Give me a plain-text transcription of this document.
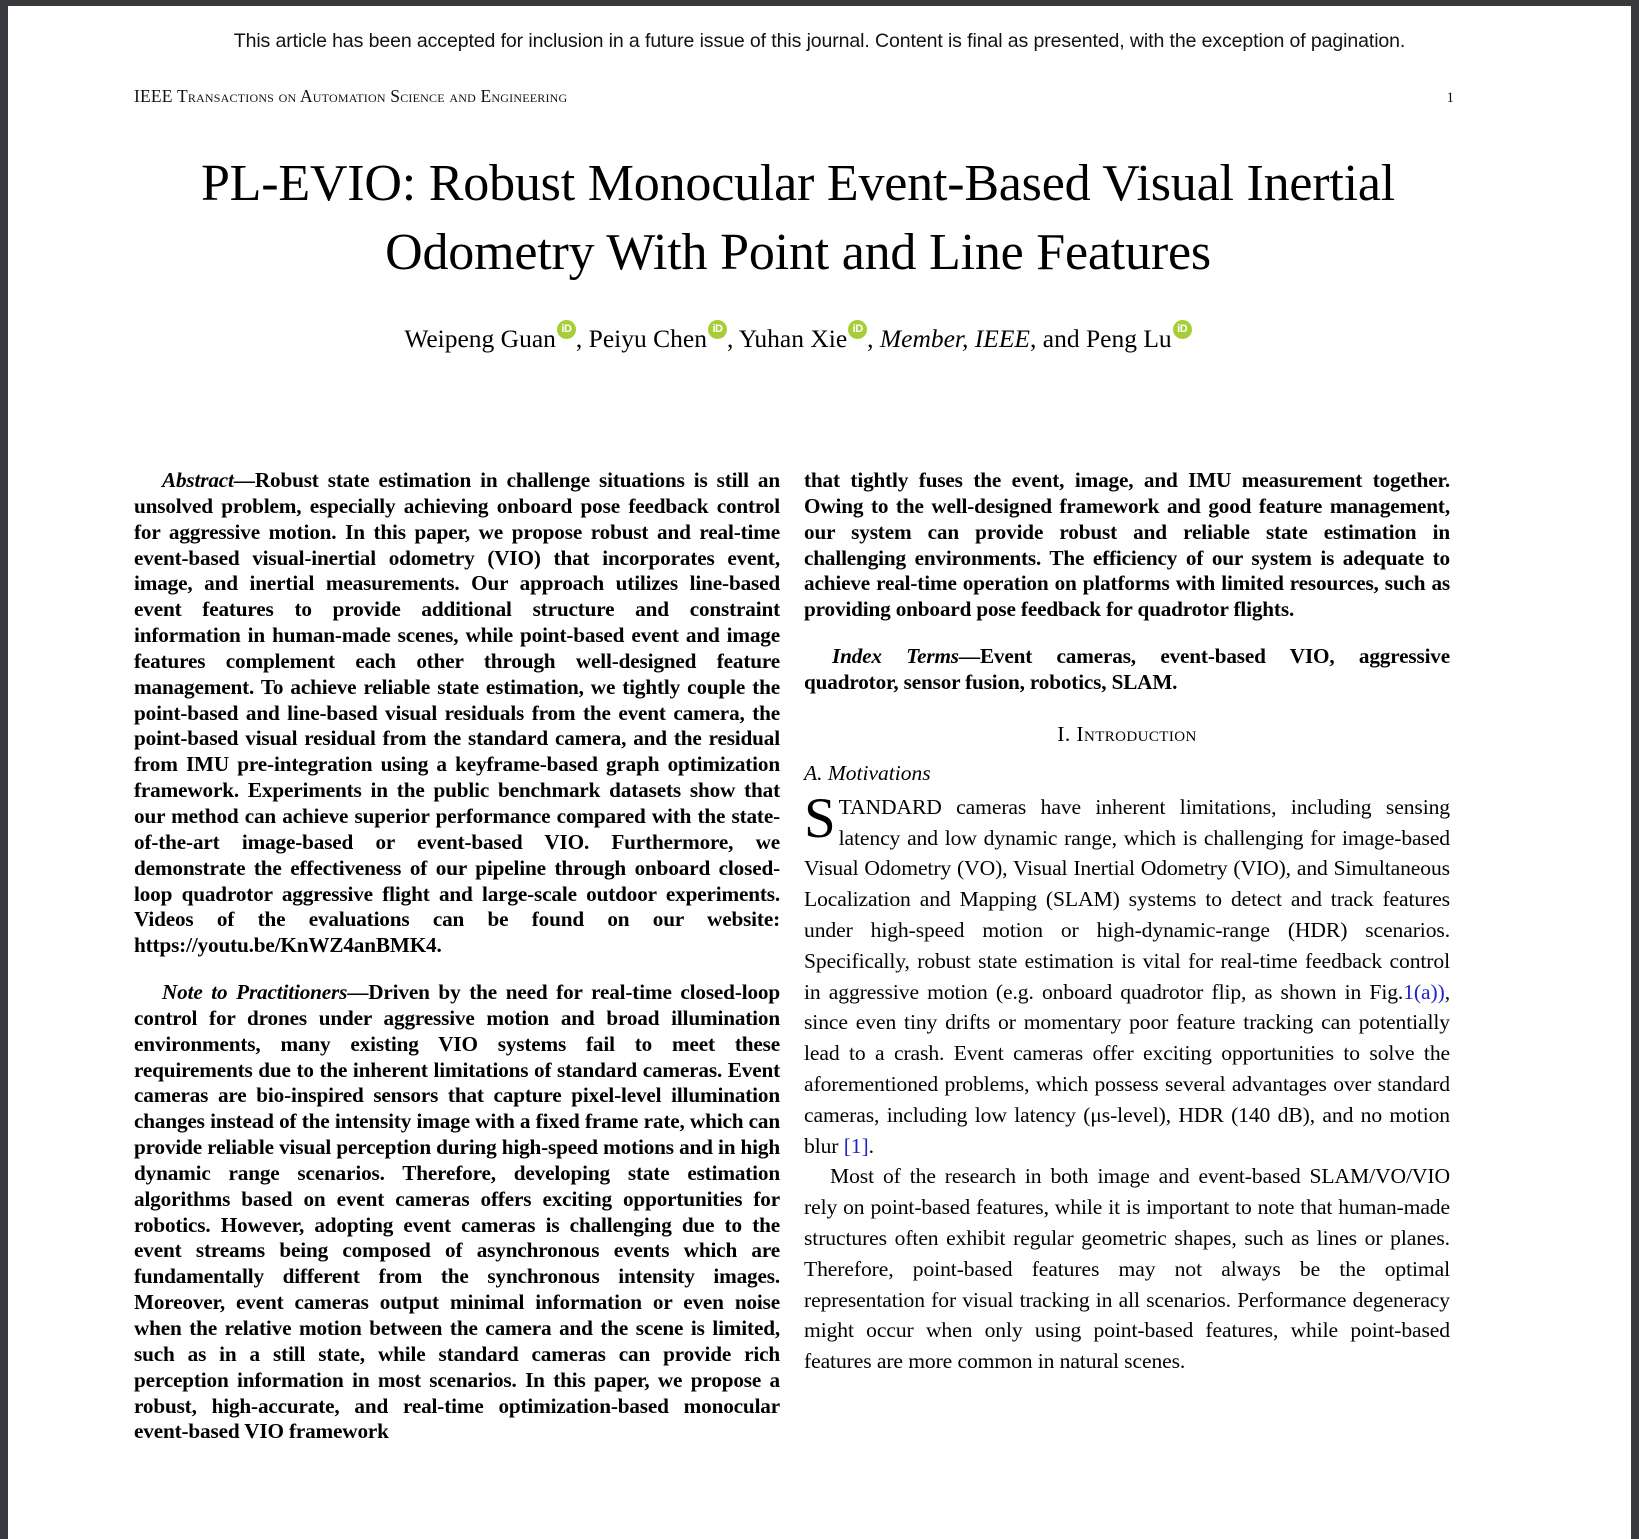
This article has been accepted for inclusion in a future issue of this journal. Content is final as presented, with the exception of pagination.
IEEE Transactions on Automation Science and Engineering	1
PL-EVIO: Robust Monocular Event-Based Visual Inertial Odometry With Point and Line Features
Weipeng Guan iD , Peiyu Chen iD , Yuhan Xie iD , Member, IEEE, and Peng LuiD

Abstract—Robust state estimation in challenge situations is still an unsolved problem, especially achieving onboard pose feedback control for aggressive motion. In this paper, we propose robust and real-time event-based visual-inertial odometry (VIO) that incorporates event, image, and inertial measurements. Our approach utilizes line-based event features to provide additional structure and constraint information in human-made scenes, while point-based event and image features complement each other through well-designed feature management. To achieve reliable state estimation, we tightly couple the point-based and line-based visual residuals from the event camera, the point-based visual residual from the standard camera, and the residual from IMU pre-integration using a keyframe-based graph optimization framework. Experiments in the public benchmark datasets show that our method can achieve superior performance compared with the state-of-the-art image-based or event-based VIO. Furthermore, we demonstrate the effectiveness of our pipeline through onboard closed-loop quadrotor aggressive flight and large-scale outdoor experiments. Videos of the evaluations can be found on our website: https://youtu.be/KnWZ4anBMK4.

Note to Practitioners—Driven by the need for real-time closed-loop control for drones under aggressive motion and broad illumination environments, many existing VIO systems fail to meet these requirements due to the inherent limitations of standard cameras. Event cameras are bio-inspired sensors that capture pixel-level illumination changes instead of the intensity image with a fixed frame rate, which can provide reliable visual perception during high-speed motions and in high dynamic range scenarios. Therefore, developing state estimation algorithms based on event cameras offers exciting opportunities for robotics. However, adopting event cameras is challenging due to the event streams being composed of asynchronous events which are fundamentally different from the synchronous intensity images. Moreover, event cameras output minimal information or even noise when the relative motion between the camera and the scene is limited, such as in a still state, while standard cameras can provide rich perception information in most scenarios. In this paper, we propose a robust, high-accurate, and real-time optimization-based monocular event-based VIO framework

that tightly fuses the event, image, and IMU measurement together. Owing to the well-designed framework and good feature management, our system can provide robust and reliable state estimation in challenging environments. The efficiency of our system is adequate to achieve real-time operation on platforms with limited resources, such as providing onboard pose feedback for quadrotor flights.

Index Terms—Event cameras, event-based VIO, aggressive quadrotor, sensor fusion, robotics, SLAM.

I. Introduction
A. Motivations

STANDARD cameras have inherent limitations, including sensing latency and low dynamic range, which is challenging for image-based Visual Odometry (VO), Visual Inertial Odometry (VIO), and Simultaneous Localization and Mapping (SLAM) systems to detect and track features under high-speed motion or high-dynamic-range (HDR) scenarios. Specifically, robust state estimation is vital for real-time feedback control in aggressive motion (e.g. onboard quadrotor flip, as shown in Fig.1(a)), since even tiny drifts or momentary poor feature tracking can potentially lead to a crash. Event cameras offer exciting opportunities to solve the aforementioned problems, which possess several advantages over standard cameras, including low latency (μs-level), HDR (140 dB), and no motion blur [1].

Most of the research in both image and event-based SLAM/VO/VIO rely on point-based features, while it is important to note that human-made structures often exhibit regular geometric shapes, such as lines or planes. Therefore, point-based features may not always be the optimal representation for visual tracking in all scenarios. Performance degeneracy might occur when only using point-based features, while point-based features are more common in natural scenes.
